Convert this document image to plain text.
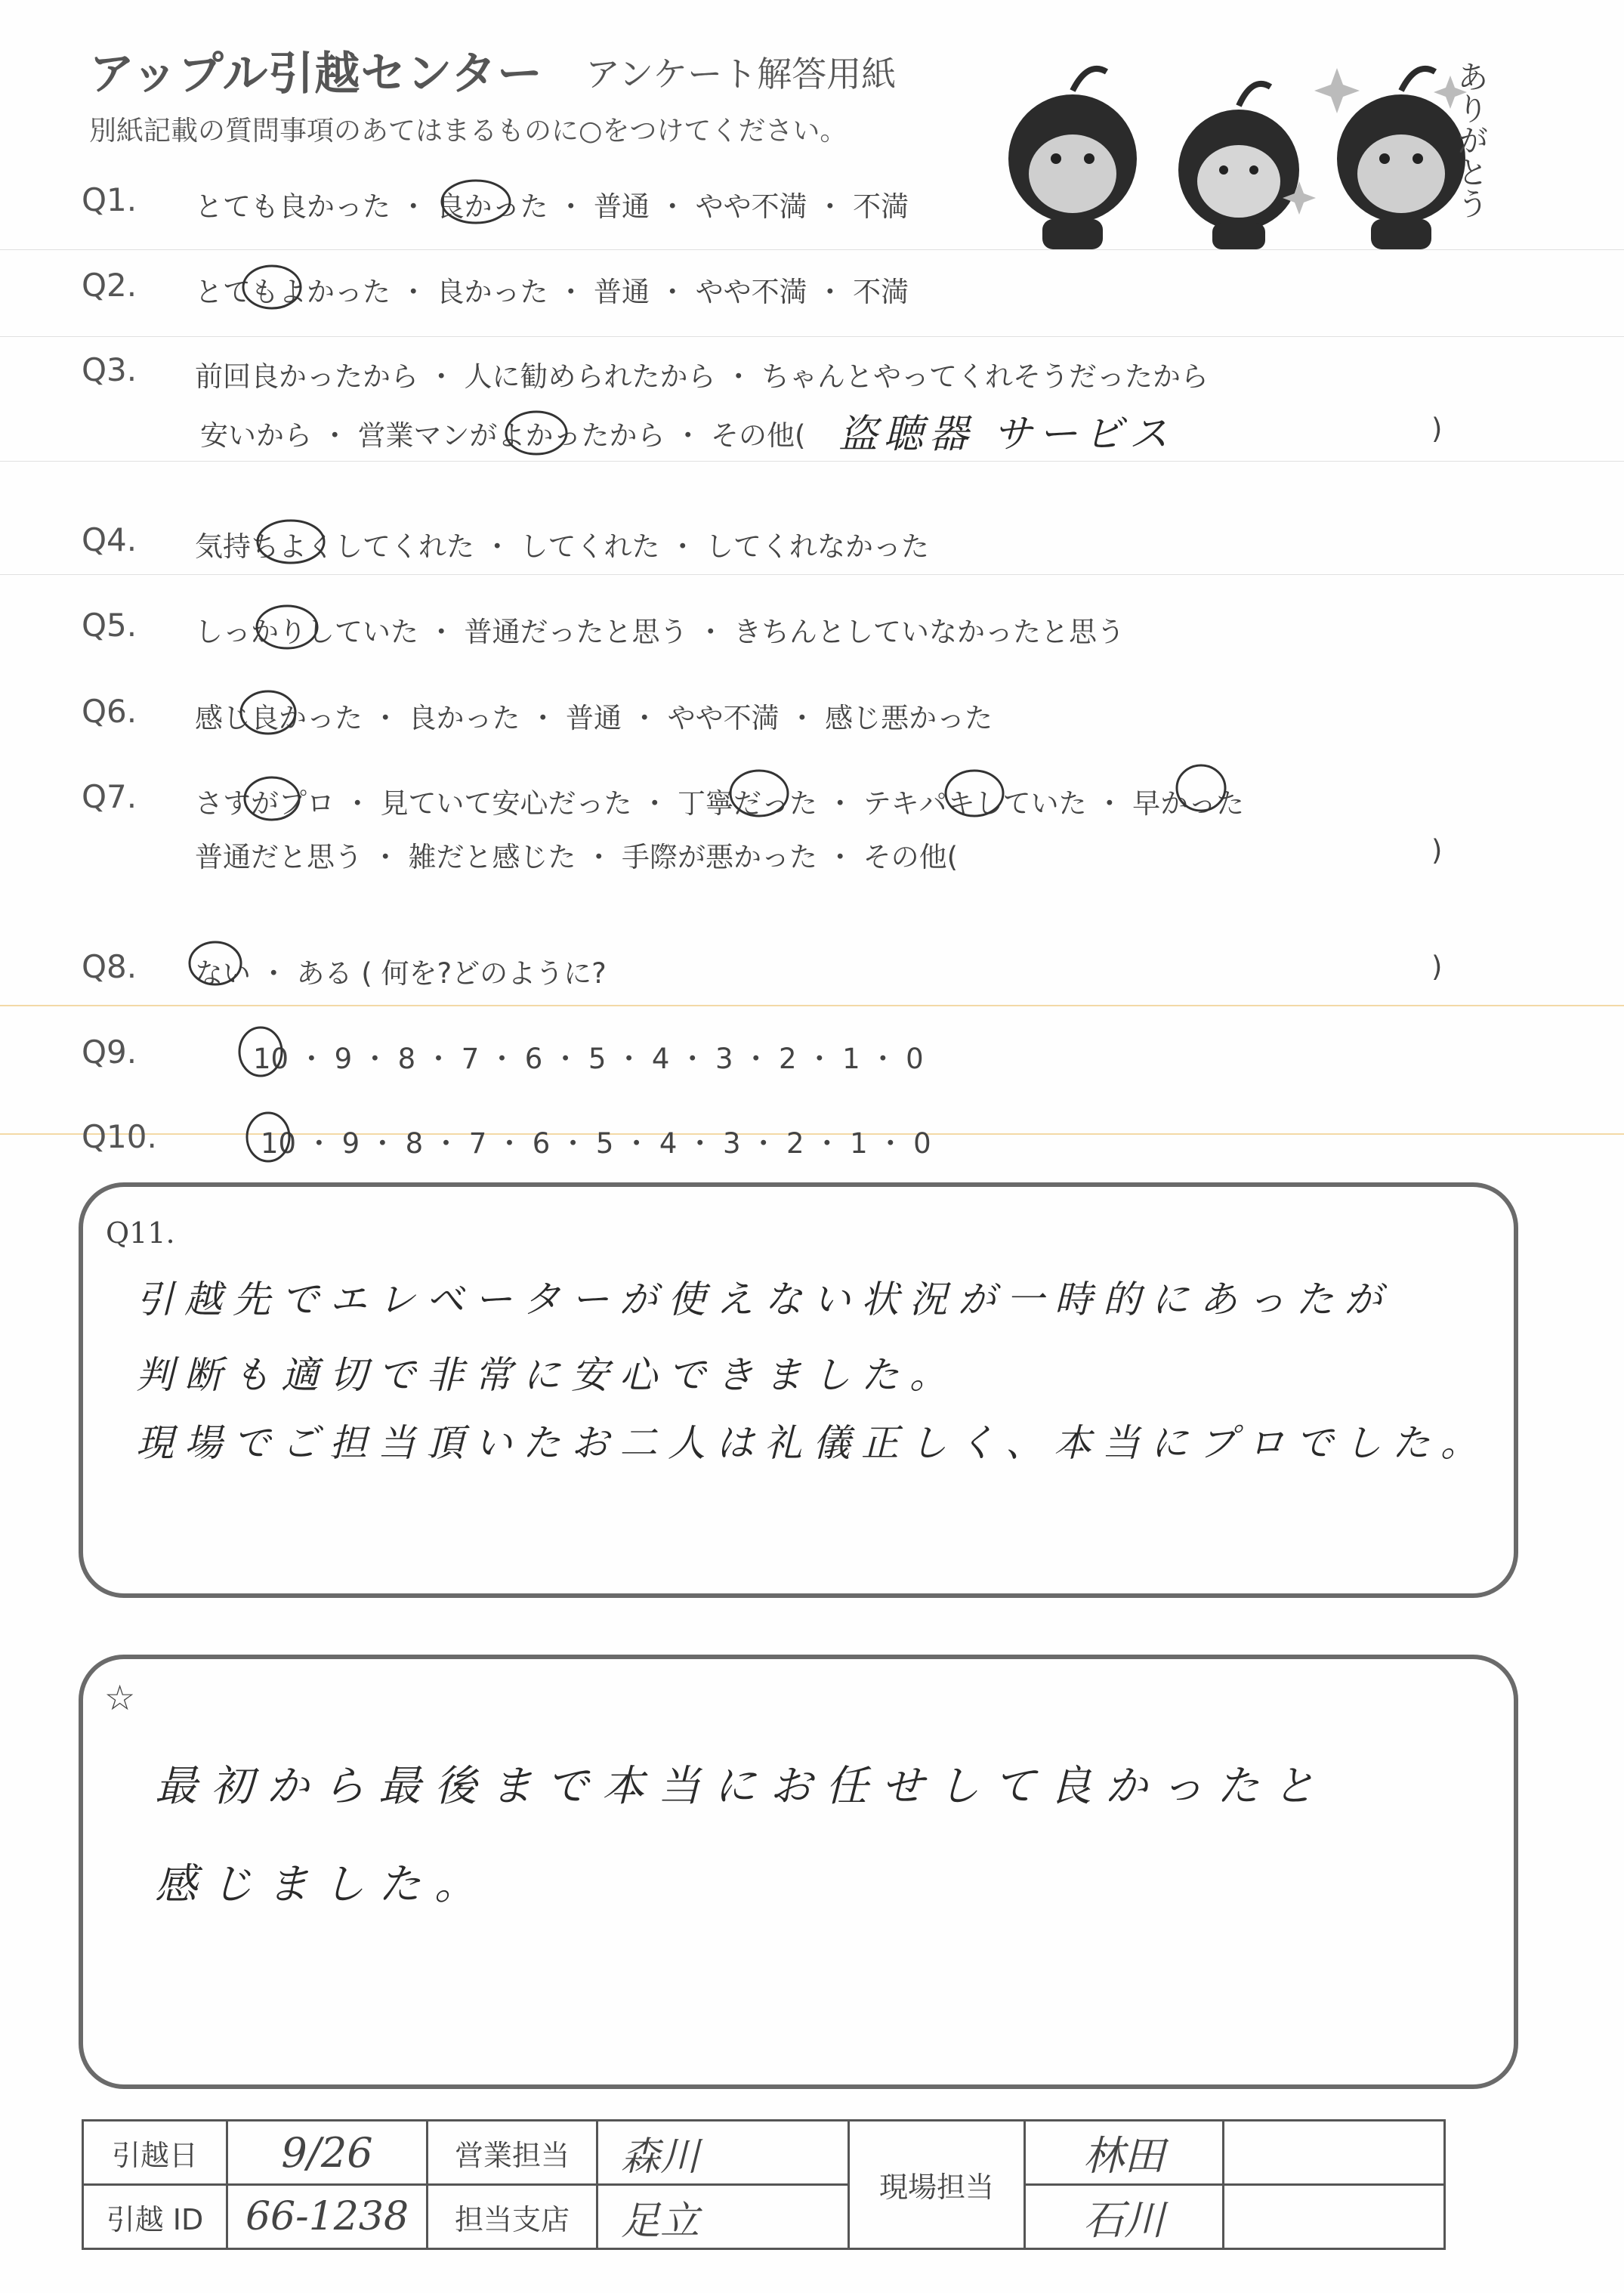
アップル引越センター アンケート解答用紙
別紙記載の質問事項のあてはまるものに○をつけてください。	ありがとう
Q1. とても良かった ・ 良かった ・ 普通 ・ やや不満 ・ 不満
Q2. とてもよかった ・ 良かった ・ 普通 ・ やや不満 ・ 不満
Q3. 前回良かったから ・ 人に勧められたから ・ ちゃんとやってくれそうだったから
安いから ・ 営業マンがよかったから ・ その他( 盗聴器 サービス	)
Q4. 気持ちよくしてくれた ・ してくれた ・ してくれなかった
Q5. しっかりしていた ・ 普通だったと思う ・ きちんとしていなかったと思う
Q6. 感じ良かった ・ 良かった ・ 普通 ・ やや不満 ・ 感じ悪かった
Q7. さすがプロ ・ 見ていて安心だった ・ 丁寧だった ・ テキパキしていた ・ 早かった
普通だと思う ・ 雑だと感じた ・ 手際が悪かった ・ その他(	)
Q8. ない ・ ある ( 何を?どのように?	)
Q9.	10 ・ 9 ・ 8 ・ 7 ・ 6 ・ 5 ・ 4 ・ 3 ・ 2 ・ 1 ・ 0
Q10.	10 ・ 9 ・ 8 ・ 7 ・ 6 ・ 5 ・ 4 ・ 3 ・ 2 ・ 1 ・ 0
Q11.
引越先でエレベーターが使えない状況が一時的にあったが
判断も適切で非常に安心できました。
現場でご担当頂いたお二人は礼儀正しく、本当にプロでした。
☆
最初から最後まで本当にお任せして良かったと
感じました。
引越日	9/26	営業担当	森川	現場担当	林田	
引越 ID	66-1238	担当支店	足立		石川	
